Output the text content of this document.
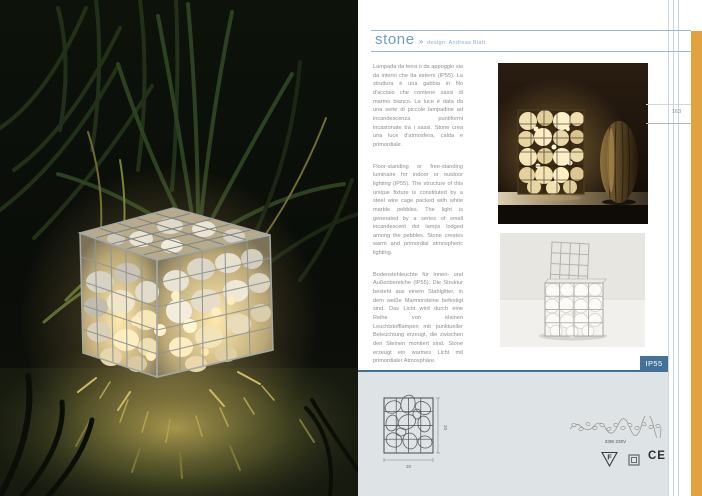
stone » design: Andreas Blatt

Lampada da terra o da appoggio sia da interni che da esterni (IP55). La struttura è una gabbia in filo d'acciaio che contiene sassi di marmo bianco. La luce è data da una serie di piccole lampadine ad incandescenza puntiformi incastonate tra i sassi. Stone crea una luce d'atmosfera, calda e primordiale.

Floor-standing or free-standing luminaire for indoor or outdoor lighting (IP55). The structure of this unique fixture is constituted by a steel wire cage packed with white marble pebbles. The light is generated by a series of small incandescent dot lamps lodged among the pebbles. Stone creates warm and primordial atmospheric lighting.

Bodenstehleuchte für Innen- und Außenbereiche (IP55). Die Struktur besteht aus einem Stahlgitter, in dem weiße Marmorsteine befestigt sind. Das Licht wird durch eine Reihe von kleinen Leuchtstofflampen mit punktueller Beleuchtung erzeugt, die zwischen den Steinen montiert sind. Stone erzeugt ein warmes Licht mit primordialer Atmosphäre.

163
20
20
33W 230V
F	CE
IP55
